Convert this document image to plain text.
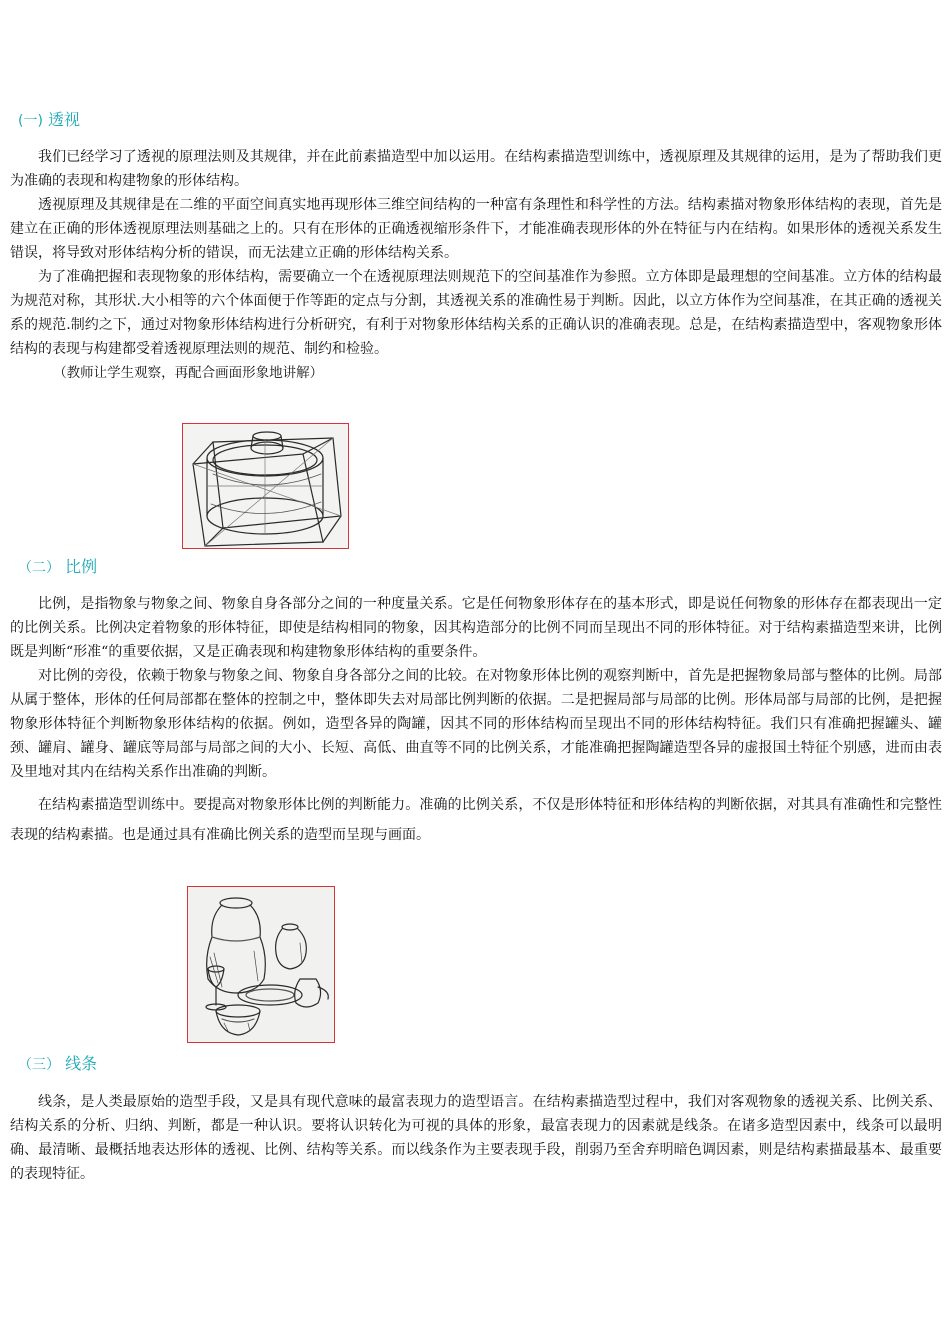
(一) 透视

我们已经学习了透视的原理法则及其规律，并在此前素描造型中加以运用。在结构素描造型训练中，透视原理及其规律的运用，是为了帮助我们更为准确的表现和构建物象的形体结构。

透视原理及其规律是在二维的平面空间真实地再现形体三维空间结构的一种富有条理性和科学性的方法。结构素描对物象形体结构的表现，首先是建立在正确的形体透视原理法则基础之上的。只有在形体的正确透视缩形条件下，才能准确表现形体的外在特征与内在结构。如果形体的透视关系发生错误，将导致对形体结构分析的错误，而无法建立正确的形体结构关系。

为了准确把握和表现物象的形体结构，需要确立一个在透视原理法则规范下的空间基准作为参照。立方体即是最理想的空间基准。立方体的结构最为规范对称，其形状.大小相等的六个体面便于作等距的定点与分割，其透视关系的准确性易于判断。因此，以立方体作为空间基准，在其正确的透视关系的规范.制约之下，通过对物象形体结构进行分析研究，有利于对物象形体结构关系的正确认识的准确表现。总是，在结构素描造型中，客观物象形体结构的表现与构建都受着透视原理法则的规范、制约和检验。

（教师让学生观察，再配合画面形象地讲解）

（二） 比例

比例，是指物象与物象之间、物象自身各部分之间的一种度量关系。它是任何物象形体存在的基本形式，即是说任何物象的形体存在都表现出一定的比例关系。比例决定着物象的形体特征，即使是结构相同的物象，因其构造部分的比例不同而呈现出不同的形体特征。对于结构素描造型来讲，比例既是判断“形准“的重要依据，又是正确表现和构建物象形体结构的重要条件。

对比例的旁役，依赖于物象与物象之间、物象自身各部分之间的比较。在对物象形体比例的观察判断中，首先是把握物象局部与整体的比例。局部从属于整体，形体的任何局部都在整体的控制之中，整体即失去对局部比例判断的依据。二是把握局部与局部的比例。形体局部与局部的比例，是把握物象形体特征个判断物象形体结构的依据。例如，造型各异的陶罐，因其不同的形体结构而呈现出不同的形体结构特征。我们只有准确把握罐头、罐颈、罐肩、罐身、罐底等局部与局部之间的大小、长短、高低、曲直等不同的比例关系，才能准确把握陶罐造型各异的虚报国土特征个别感，进而由表及里地对其内在结构关系作出准确的判断。

在结构素描造型训练中。要提高对物象形体比例的判断能力。准确的比例关系，不仅是形体特征和形体结构的判断依据，对其具有准确性和完整性表现的结构素描。也是通过具有准确比例关系的造型而呈现与画面。

（三） 线条

线条，是人类最原始的造型手段，又是具有现代意味的最富表现力的造型语言。在结构素描造型过程中，我们对客观物象的透视关系、比例关系、结构关系的分析、归纳、判断，都是一种认识。要将认识转化为可视的具体的形象，最富表现力的因素就是线条。在诸多造型因素中，线条可以最明确、最清晰、最概括地表达形体的透视、比例、结构等关系。而以线条作为主要表现手段，削弱乃至舍弃明暗色调因素，则是结构素描最基本、最重要的表现特征。
